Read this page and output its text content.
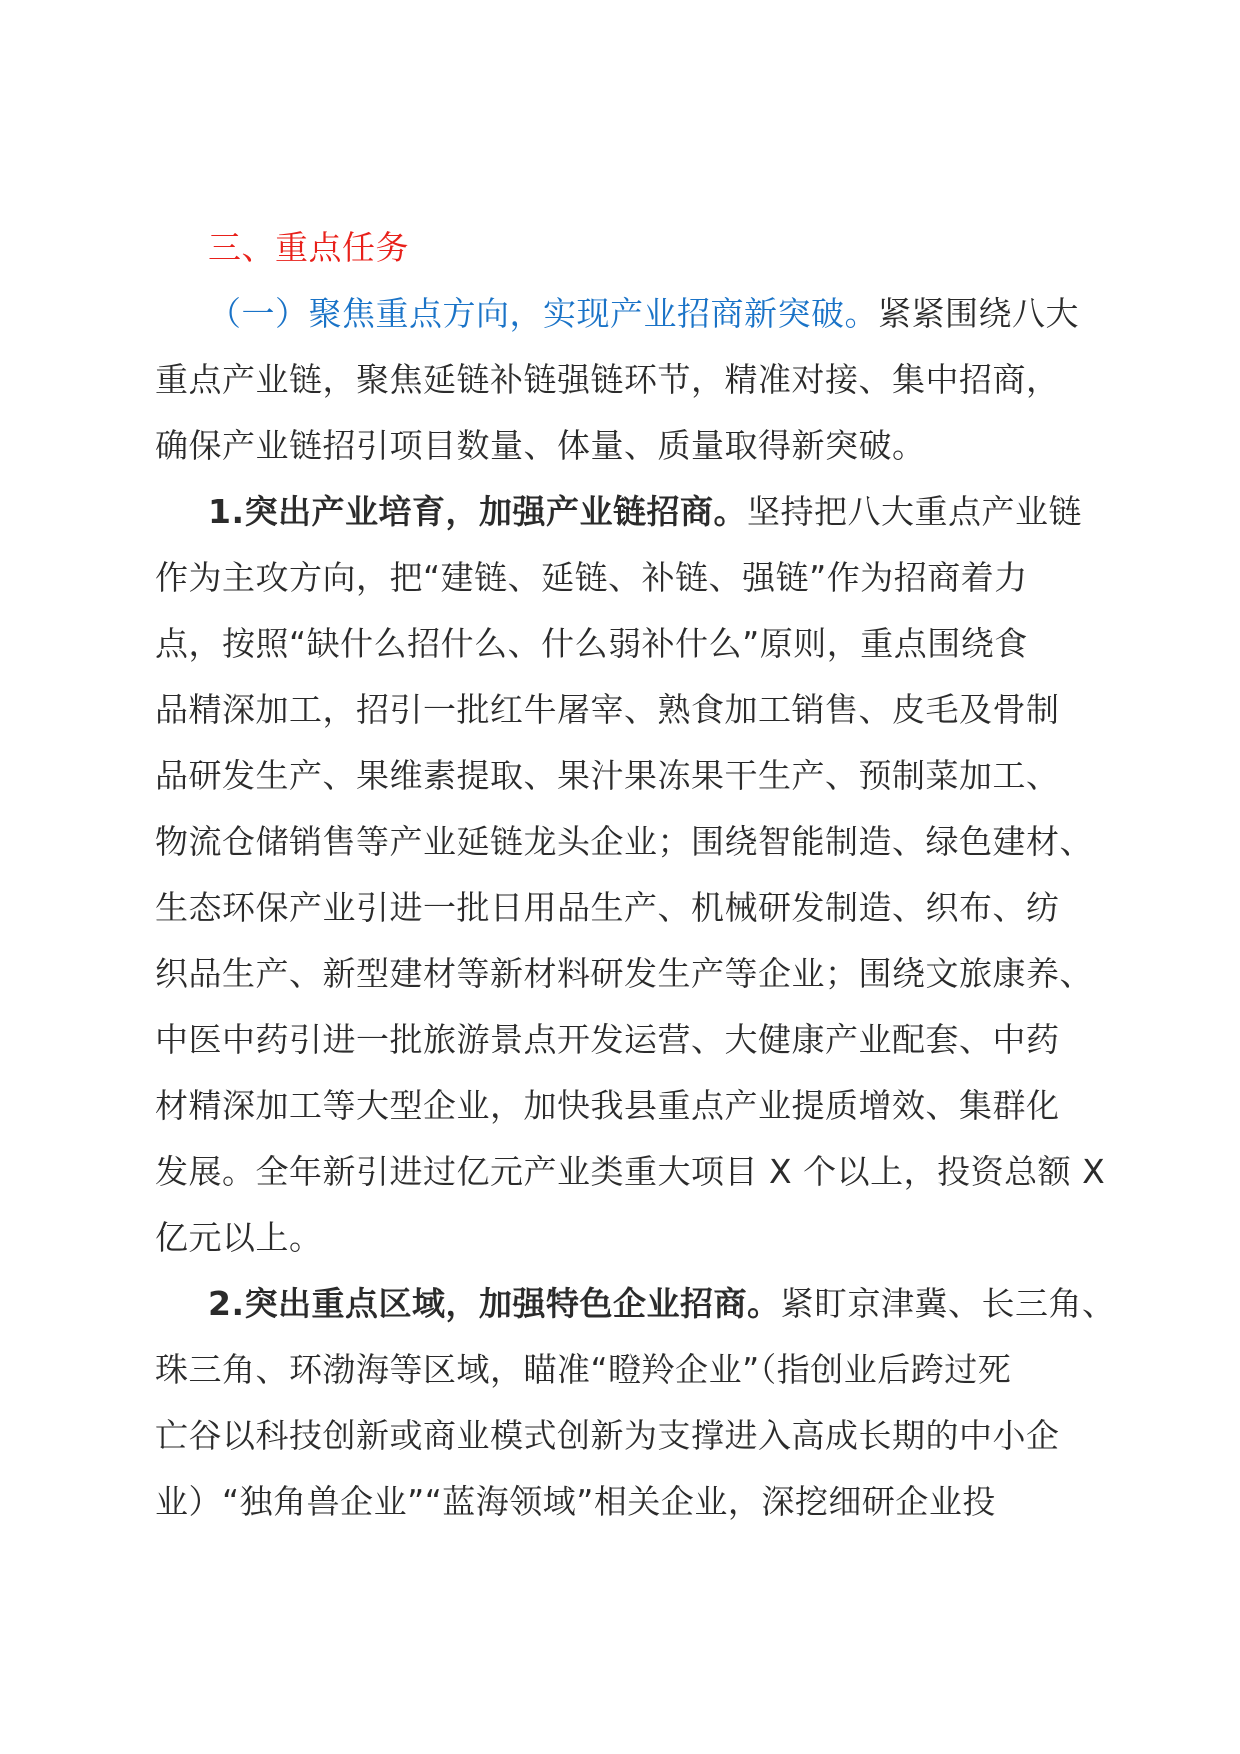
三、重点任务
（一）聚焦重点方向，实现产业招商新突破。紧紧围绕八大
重点产业链，聚焦延链补链强链环节，精准对接、集中招商，
确保产业链招引项目数量、体量、质量取得新突破。
1.突出产业培育，加强产业链招商。坚持把八大重点产业链
作为主攻方向，把“建链、延链、补链、强链”作为招商着力
点，按照“缺什么招什么、什么弱补什么”原则，重点围绕食
品精深加工，招引一批红牛屠宰、熟食加工销售、皮毛及骨制
品研发生产、果维素提取、果汁果冻果干生产、预制菜加工、
物流仓储销售等产业延链龙头企业；围绕智能制造、绿色建材、
生态环保产业引进一批日用品生产、机械研发制造、织布、纺
织品生产、新型建材等新材料研发生产等企业；围绕文旅康养、
中医中药引进一批旅游景点开发运营、大健康产业配套、中药
材精深加工等大型企业，加快我县重点产业提质增效、集群化
发展。全年新引进过亿元产业类重大项目 X 个以上，投资总额 X
亿元以上。
2.突出重点区域，加强特色企业招商。紧盯京津冀、长三角、
珠三角、环渤海等区域，瞄准“瞪羚企业”（指创业后跨过死
亡谷以科技创新或商业模式创新为支撑进入高成长期的中小企
业）“独角兽企业”“蓝海领域”相关企业，深挖细研企业投
